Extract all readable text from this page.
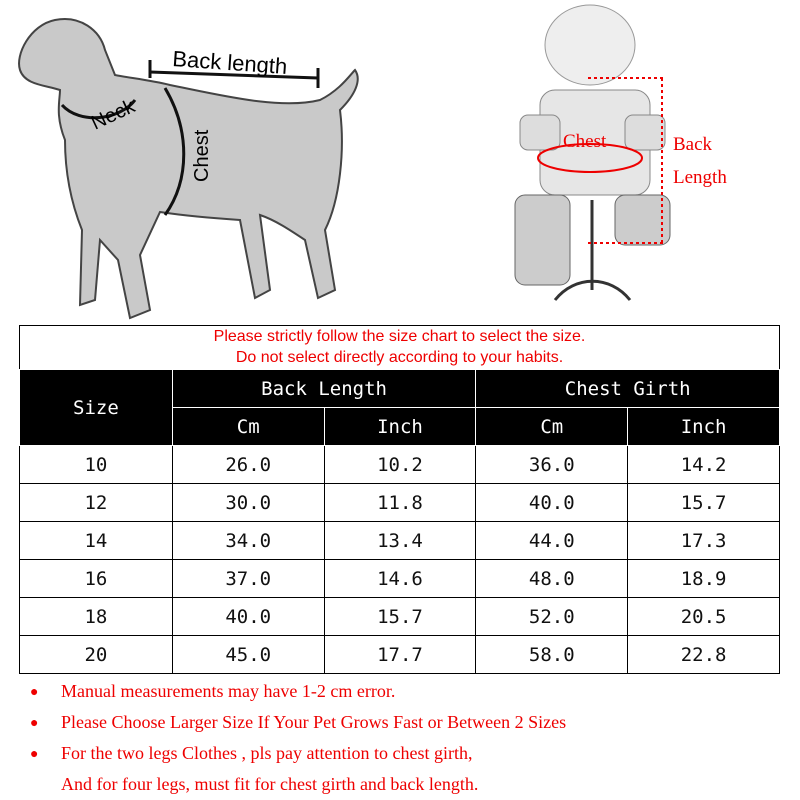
Back length
Neck
Chest	Chest	Back
Length
Please strictly follow the size chart to select the size.
Do not select directly according to your habits.
Size	Back Length		Chest Girth	
	Cm	Inch	Cm	Inch
10	26.0	10.2	36.0	14.2
12	30.0	11.8	40.0	15.7
14	34.0	13.4	44.0	17.3
16	37.0	14.6	48.0	18.9
18	40.0	15.7	52.0	20.5
20	45.0	17.7	58.0	22.8
●	Manual measurements may have 1-2 cm error.
●	Please Choose Larger Size If Your Pet Grows Fast or Between 2 Sizes
●	For the two legs Clothes , pls pay attention to chest girth,
And for four legs, must fit for chest girth and back length.
